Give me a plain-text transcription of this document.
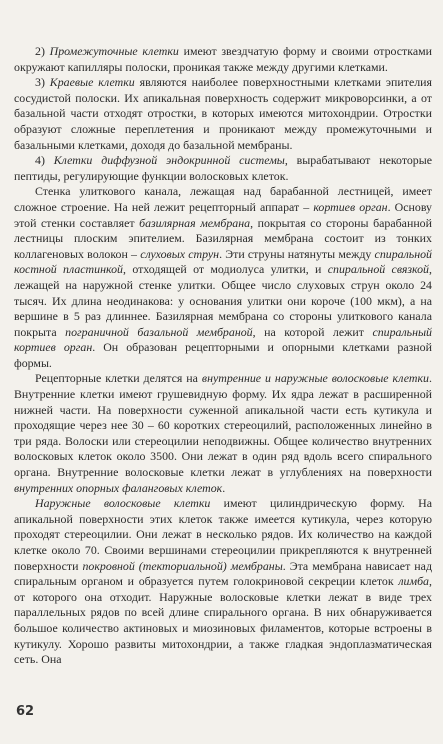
2) Промежуточные клетки имеют звездчатую форму и своими отростками окружают капилляры полоски, проникая также между другими клетками.

3) Краевые клетки являются наиболее поверхностными клетками эпителия сосудистой полоски. Их апикальная поверхность содержит микроворсинки, а от базальной части отходят отростки, в которых имеются митохондрии. Отростки образуют сложные переплетения и проникают между промежуточными и базальными клетками, доходя до базальной мембраны.

4) Клетки диффузной эндокринной системы, вырабатывают некоторые пептиды, регулирующие функции волосковых клеток.

Стенка улиткового канала, лежащая над барабанной лестницей, имеет сложное строение. На ней лежит рецепторный аппарат – кортиев орган. Основу этой стенки составляет базилярная мембрана, покрытая со стороны барабанной лестницы плоским эпителием. Базилярная мембрана состоит из тонких коллагеновых волокон – слуховых струн. Эти струны натянуты между спиральной костной пластинкой, отходящей от модиолуса улитки, и спиральной связкой, лежащей на наружной стенке улитки. Общее число слуховых струн около 24 тысяч. Их длина неодинакова: у основания улитки они короче (100 мкм), а на вершине в 5 раз длиннее. Базилярная мембрана со стороны улиткового канала покрыта пограничной базальной мембраной, на которой лежит спиральный кортиев орган. Он образован рецепторными и опорными клетками разной формы.

Рецепторные клетки делятся на внутренние и наружные волосковые клетки. Внутренние клетки имеют грушевидную форму. Их ядра лежат в расширенной нижней части. На поверхности суженной апикальной части есть кутикула и проходящие через нее 30 – 60 коротких стереоцилий, расположенных линейно в три ряда. Волоски или стереоцилии неподвижны. Общее количество внутренних волосковых клеток около 3500. Они лежат в один ряд вдоль всего спирального органа. Внутренние волосковые клетки лежат в углублениях на поверхности внутренних опорных фаланговых клеток.

Наружные волосковые клетки имеют цилиндрическую форму. На апикальной поверхности этих клеток также имеется кутикула, через которую проходят стереоцилии. Они лежат в несколько рядов. Их количество на каждой клетке около 70. Своими вершинами стереоцилии прикрепляются к внутренней поверхности покровной (текториальной) мембраны. Эта мембрана нависает над спиральным органом и образуется путем голокриновой секреции клеток лимба, от которого она отходит. Наружные волосковые клетки лежат в виде трех параллельных рядов по всей длине спирального органа. В них обнаруживается большое количество актиновых и миозиновых филаментов, которые встроены в кутикулу. Хорошо развиты митохондрии, а также гладкая эндоплазматическая сеть. Она

62
